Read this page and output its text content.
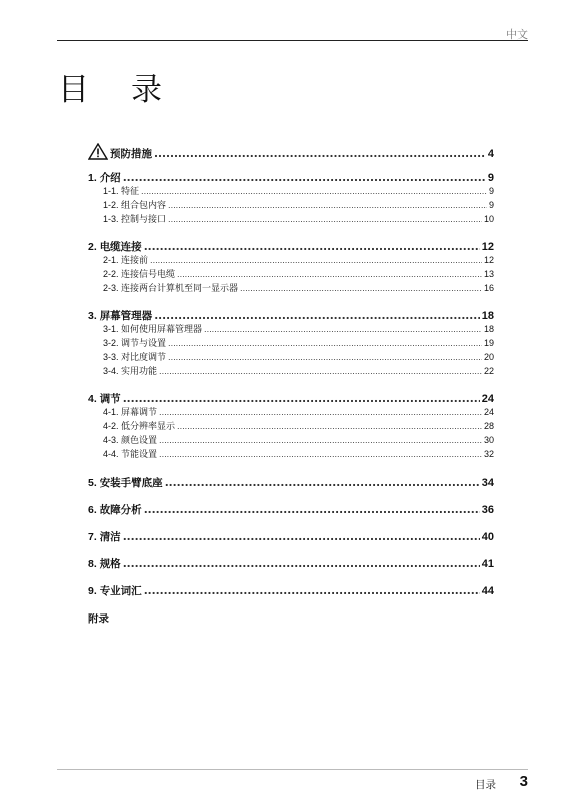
中文
目录
预防措施 .....	4
1. 介绍 .....	9
1-1. 特征 .....	9
1-2. 组合包内容 .....	9
1-3. 控制与接口 .....	10
2. 电缆连接 .....	12
2-1. 连接前 .....	12
2-2. 连接信号电缆 .....	13
2-3. 连接两台计算机至同一显示器 .....	16
3. 屏幕管理器 .....	18
3-1. 如何使用屏幕管理器 .....	18
3-2. 调节与设置 .....	19
3-3. 对比度调节 .....	20
3-4. 实用功能 .....	22
4. 调节 .....	24
4-1. 屏幕调节 .....	24
4-2. 低分辨率显示 .....	28
4-3. 颜色设置 .....	30
4-4. 节能设置 .....	32
5. 安装手臂底座 .....	34
6. 故障分析 .....	36
7. 清洁 .....	40
8. 规格 .....	41
9. 专业词汇 .....	44
附录
目录 3
